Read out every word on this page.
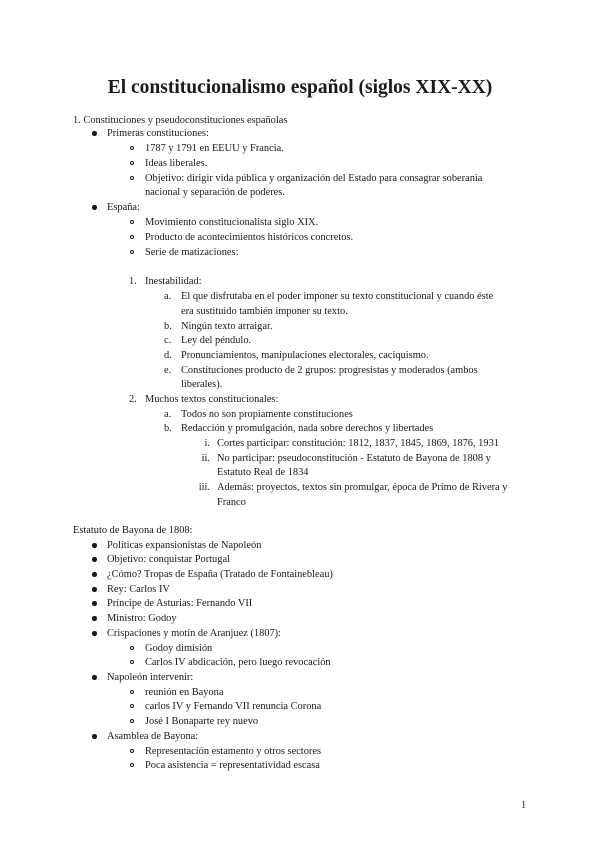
El constitucionalismo español (siglos XIX-XX)
1. Constituciones y pseudoconstituciones españolas
Primeras constituciones:
1787 y 1791 en EEUU y Francia.
Ideas liberales.
Objetivo: dirigir vida pública y organización del Estado para consagrar soberanía
nacional y separación de poderes.
España:
Movimiento constitucionalista siglo XIX.
Producto de acontecimientos históricos concretos.
Serie de matizaciones:
1. Inestabilidad:
a. El que disfrutaba en el poder imponer su texto constitucional y cuando éste
era sustituido también imponer su texto.
b. Ningún texto arraigar.
c. Ley del péndulo.
d. Pronunciamientos, manipulaciones electorales, caciquismo.
e. Constituciones producto de 2 grupos: progresistas y moderados (ambos
liberales).
2. Muchos textos constitucionales:
a. Todos no son propiamente constituciones
b. Redacción y promulgación, nada sobre derechos y libertades
i. Cortes participar: constitución: 1812, 1837, 1845, 1869, 1876, 1931
ii. No participar: pseudoconstitución - Estatuto de Bayona de 1808 y
Estatuto Real de 1834
iii. Además: proyectos, textos sin promulgar, época de Primo de Rivera y
Franco
Estatuto de Bayona de 1808:
Políticas expansionistas de Napoleón
Objetivo: conquistar Portugal
¿Cómo? Tropas de España (Tratado de Fontainebleau)
Rey: Carlos IV
Príncipe de Asturias: Fernando VII
Ministro: Godoy
Crispaciones y motín de Aranjuez (1807):
Godoy dimisión
Carlos IV abdicación, pero luego revocación
Napoleón intervenir:
reunión en Bayona
carlos IV y Fernando VII renuncia Corona
José I Bonaparte rey nuevo
Asamblea de Bayona:
Representación estamento y otros sectores
Poca asistencia = representatividad escasa
1
